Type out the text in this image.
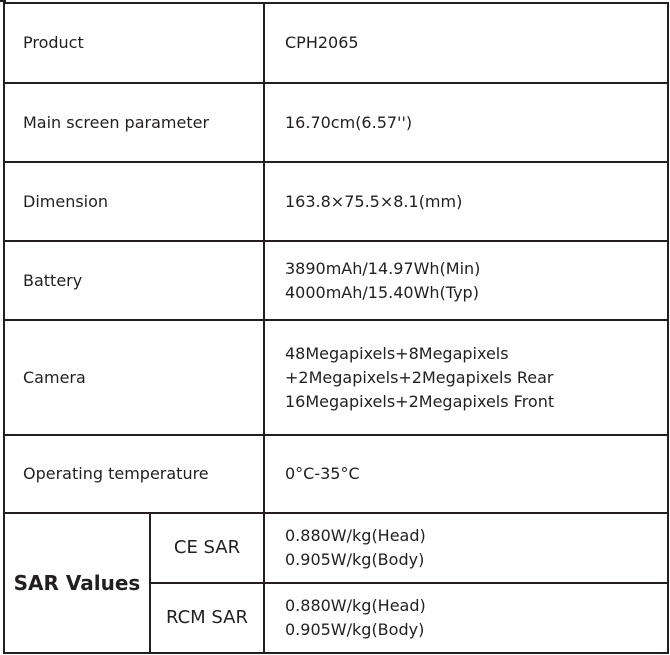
Product		CPH2065

Main screen parameter		16.70cm(6.57'')

Dimension		163.8×75.5×8.1(mm)

Battery		3890mAh/14.97Wh(Min)
4000mAh/15.40Wh(Typ)

Camera		48Megapixels+8Megapixels
+2Megapixels+2Megapixels Rear
16Megapixels+2Megapixels Front

Operating temperature		0°C-35°C

SAR Values	CE SAR	0.880W/kg(Head)
0.905W/kg(Body)

	RCM SAR	0.880W/kg(Head)
0.905W/kg(Body)
